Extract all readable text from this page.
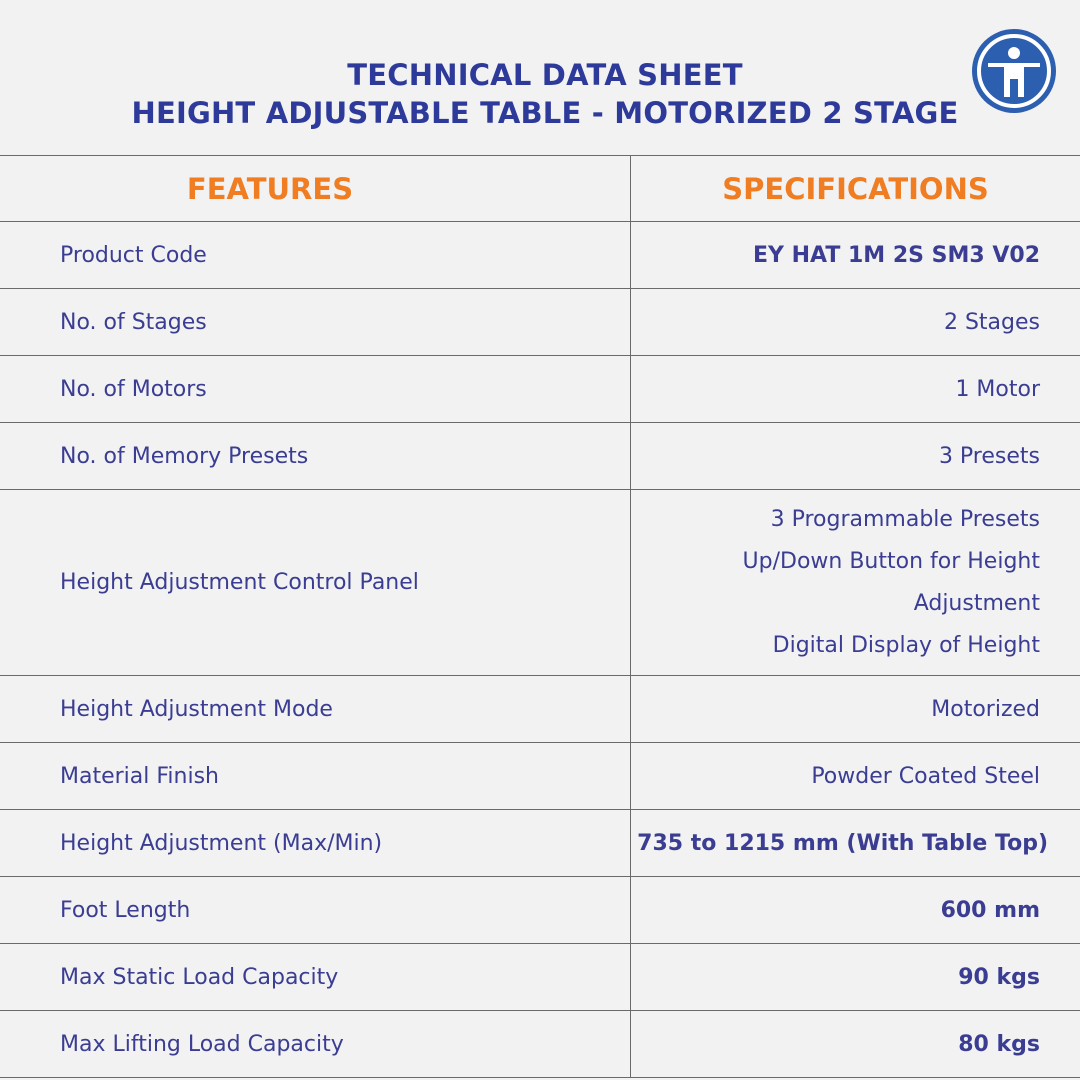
TECHNICAL DATA SHEET
HEIGHT ADJUSTABLE TABLE - MOTORIZED 2 STAGE
FEATURES	SPECIFICATIONS
Product Code	EY HAT 1M 2S SM3 V02
No. of Stages	2 Stages
No. of Motors	1 Motor
No. of Memory Presets	3 Presets
Height Adjustment Control Panel	3 Programmable Presets
Up/Down Button for Height Adjustment
Digital Display of Height

Height Adjustment Mode	Motorized
Material Finish	Powder Coated Steel
Height Adjustment (Max/Min)	735 to 1215 mm (With Table Top)
Foot Length	600 mm
Max Static Load Capacity	90 kgs
Max Lifting Load Capacity	80 kgs
